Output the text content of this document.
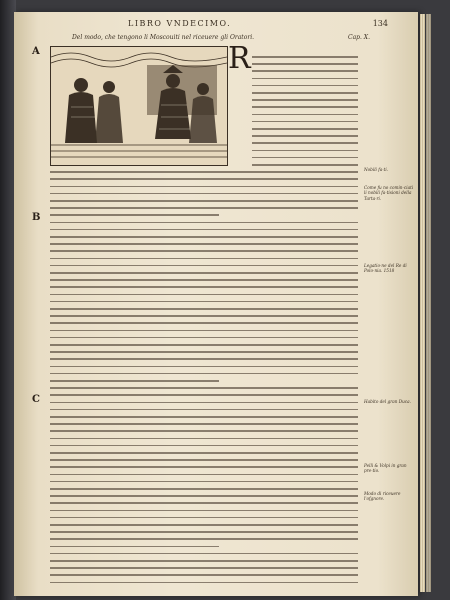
LIBRO VNDECIMO.	134
Del modo, che tengono li Moscouiti nel riceuere gli Oratori.	Cap. X.
A
B
C
R
Nobili fa-ti.
Come fu no comin-ciati li nobili fa-tisioni della Tarta-ri.
Legatio-ne del Re di Polo-nia. 1518
Habito del gran Duca.
Pelli & Volpi in gran pre-tio.
Modo di riceuere l'ofgnore.
